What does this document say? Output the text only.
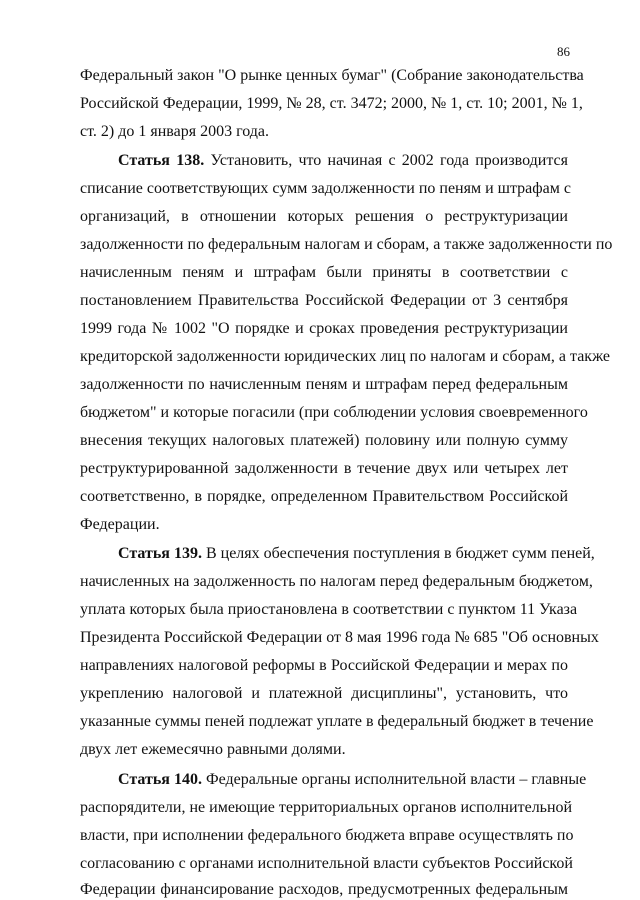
86
Федеральный закон "О рынке ценных бумаг" (Собрание законодательства
Российской Федерации, 1999, № 28, ст. 3472; 2000, № 1, ст. 10; 2001, № 1,
ст. 2) до 1 января 2003 года.
Статья 138. Установить, что начиная с 2002 года производится
списание соответствующих сумм задолженности по пеням и штрафам с
организаций, в отношении которых решения о реструктуризации
задолженности по федеральным налогам и сборам, а также задолженности по
начисленным пеням и штрафам были приняты в соответствии с
постановлением Правительства Российской Федерации от 3 сентября
1999 года № 1002 "О порядке и сроках проведения реструктуризации
кредиторской задолженности юридических лиц по налогам и сборам, а также
задолженности по начисленным пеням и штрафам перед федеральным
бюджетом" и которые погасили (при соблюдении условия своевременного
внесения текущих налоговых платежей) половину или полную сумму
реструктурированной задолженности в течение двух или четырех лет
соответственно, в порядке, определенном Правительством Российской
Федерации.
Статья 139. В целях обеспечения поступления в бюджет сумм пеней,
начисленных на задолженность по налогам перед федеральным бюджетом,
уплата которых была приостановлена в соответствии с пунктом 11 Указа
Президента Российской Федерации от 8 мая 1996 года № 685 "Об основных
направлениях налоговой реформы в Российской Федерации и мерах по
укреплению налоговой и платежной дисциплины", установить, что
указанные суммы пеней подлежат уплате в федеральный бюджет в течение
двух лет ежемесячно равными долями.
Статья 140. Федеральные органы исполнительной власти – главные
распорядители, не имеющие территориальных органов исполнительной
власти, при исполнении федерального бюджета вправе осуществлять по
согласованию с органами исполнительной власти субъектов Российской
Федерации финансирование расходов, предусмотренных федеральным
